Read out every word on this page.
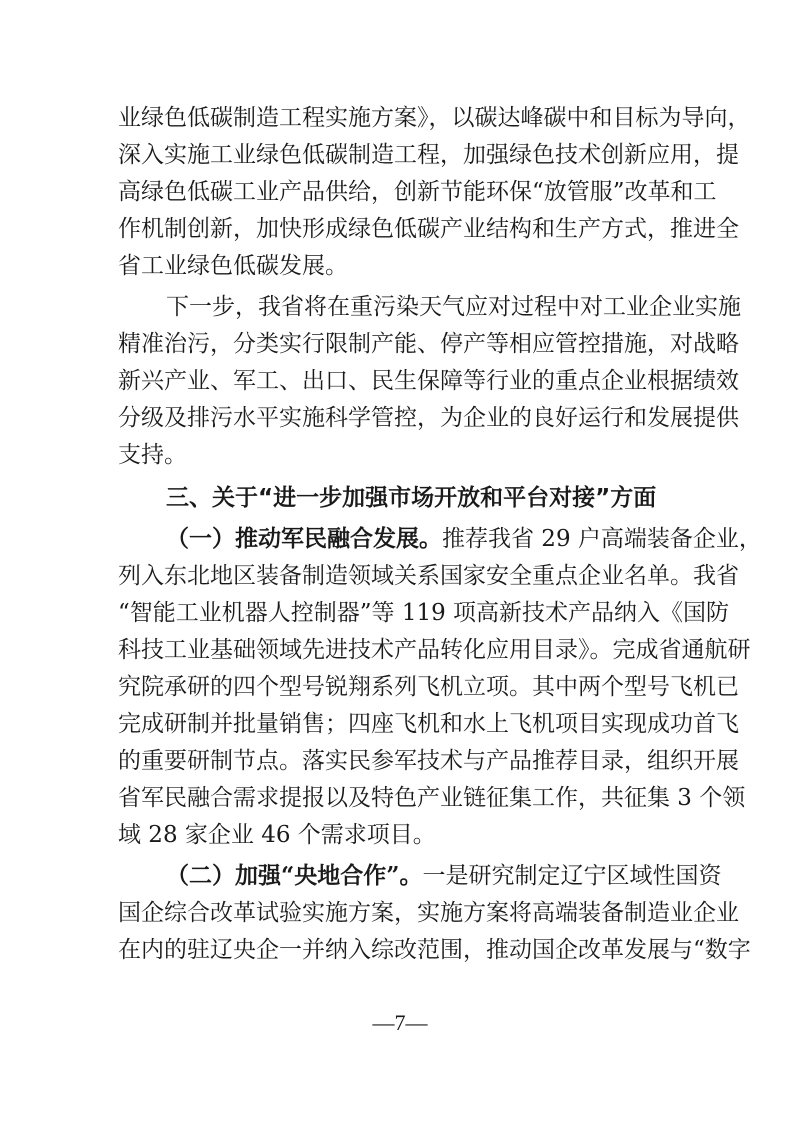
业绿色低碳制造工程实施方案》，以碳达峰碳中和目标为导向，
深入实施工业绿色低碳制造工程，加强绿色技术创新应用，提
高绿色低碳工业产品供给，创新节能环保“放管服”改革和工
作机制创新，加快形成绿色低碳产业结构和生产方式，推进全
省工业绿色低碳发展。
下一步，我省将在重污染天气应对过程中对工业企业实施
精准治污，分类实行限制产能、停产等相应管控措施，对战略
新兴产业、军工、出口、民生保障等行业的重点企业根据绩效
分级及排污水平实施科学管控，为企业的良好运行和发展提供
支持。
三、关于“进一步加强市场开放和平台对接”方面
（一）推动军民融合发展。推荐我省 29 户高端装备企业，
列入东北地区装备制造领域关系国家安全重点企业名单。我省
“智能工业机器人控制器”等 119 项高新技术产品纳入《国防
科技工业基础领域先进技术产品转化应用目录》。完成省通航研
究院承研的四个型号锐翔系列飞机立项。其中两个型号飞机已
完成研制并批量销售；四座飞机和水上飞机项目实现成功首飞
的重要研制节点。落实民参军技术与产品推荐目录，组织开展
省军民融合需求提报以及特色产业链征集工作，共征集 3 个领
域 28 家企业 46 个需求项目。
（二）加强“央地合作”。一是研究制定辽宁区域性国资
国企综合改革试验实施方案，实施方案将高端装备制造业企业
在内的驻辽央企一并纳入综改范围，推动国企改革发展与“数字
—7—
